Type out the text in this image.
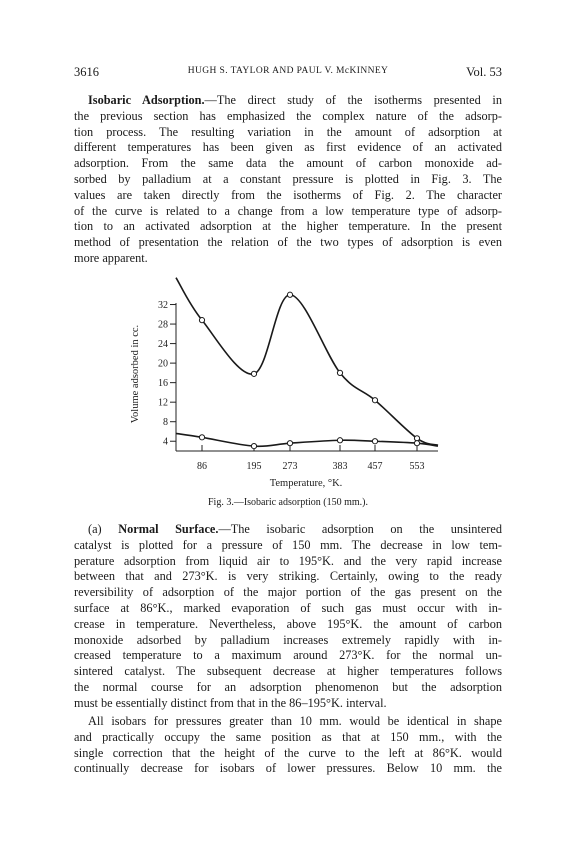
3616	HUGH S. TAYLOR AND PAUL V. McKINNEY	Vol. 53
Isobaric Adsorption.—The direct study of the isotherms presented in
the previous section has emphasized the complex nature of the adsorp-
tion process. The resulting variation in the amount of adsorption at
different temperatures has been given as first evidence of an activated
adsorption. From the same data the amount of carbon monoxide ad-
sorbed by palladium at a constant pressure is plotted in Fig. 3. The
values are taken directly from the isotherms of Fig. 2. The character
of the curve is related to a change from a low temperature type of adsorp-
tion to an activated adsorption at the higher temperature. In the present
method of presentation the relation of the two types of adsorption is even
more apparent.
4
8
12
16
20
24
28
32
86	195 273	383 457	553
Temperature, °K.
Volume adsorbed in cc.
Fig. 3.—Isobaric adsorption (150 mm.).
(a) Normal Surface.—The isobaric adsorption on the unsintered
catalyst is plotted for a pressure of 150 mm. The decrease in low tem-
perature adsorption from liquid air to 195°K. and the very rapid increase
between that and 273°K. is very striking. Certainly, owing to the ready
reversibility of adsorption of the major portion of the gas present on the
surface at 86°K., marked evaporation of such gas must occur with in-
crease in temperature. Nevertheless, above 195°K. the amount of carbon
monoxide adsorbed by palladium increases extremely rapidly with in-
creased temperature to a maximum around 273°K. for the normal un-
sintered catalyst. The subsequent decrease at higher temperatures follows
the normal course for an adsorption phenomenon but the adsorption
must be essentially distinct from that in the 86–195°K. interval.
All isobars for pressures greater than 10 mm. would be identical in shape
and practically occupy the same position as that at 150 mm., with the
single correction that the height of the curve to the left at 86°K. would
continually decrease for isobars of lower pressures. Below 10 mm. the
